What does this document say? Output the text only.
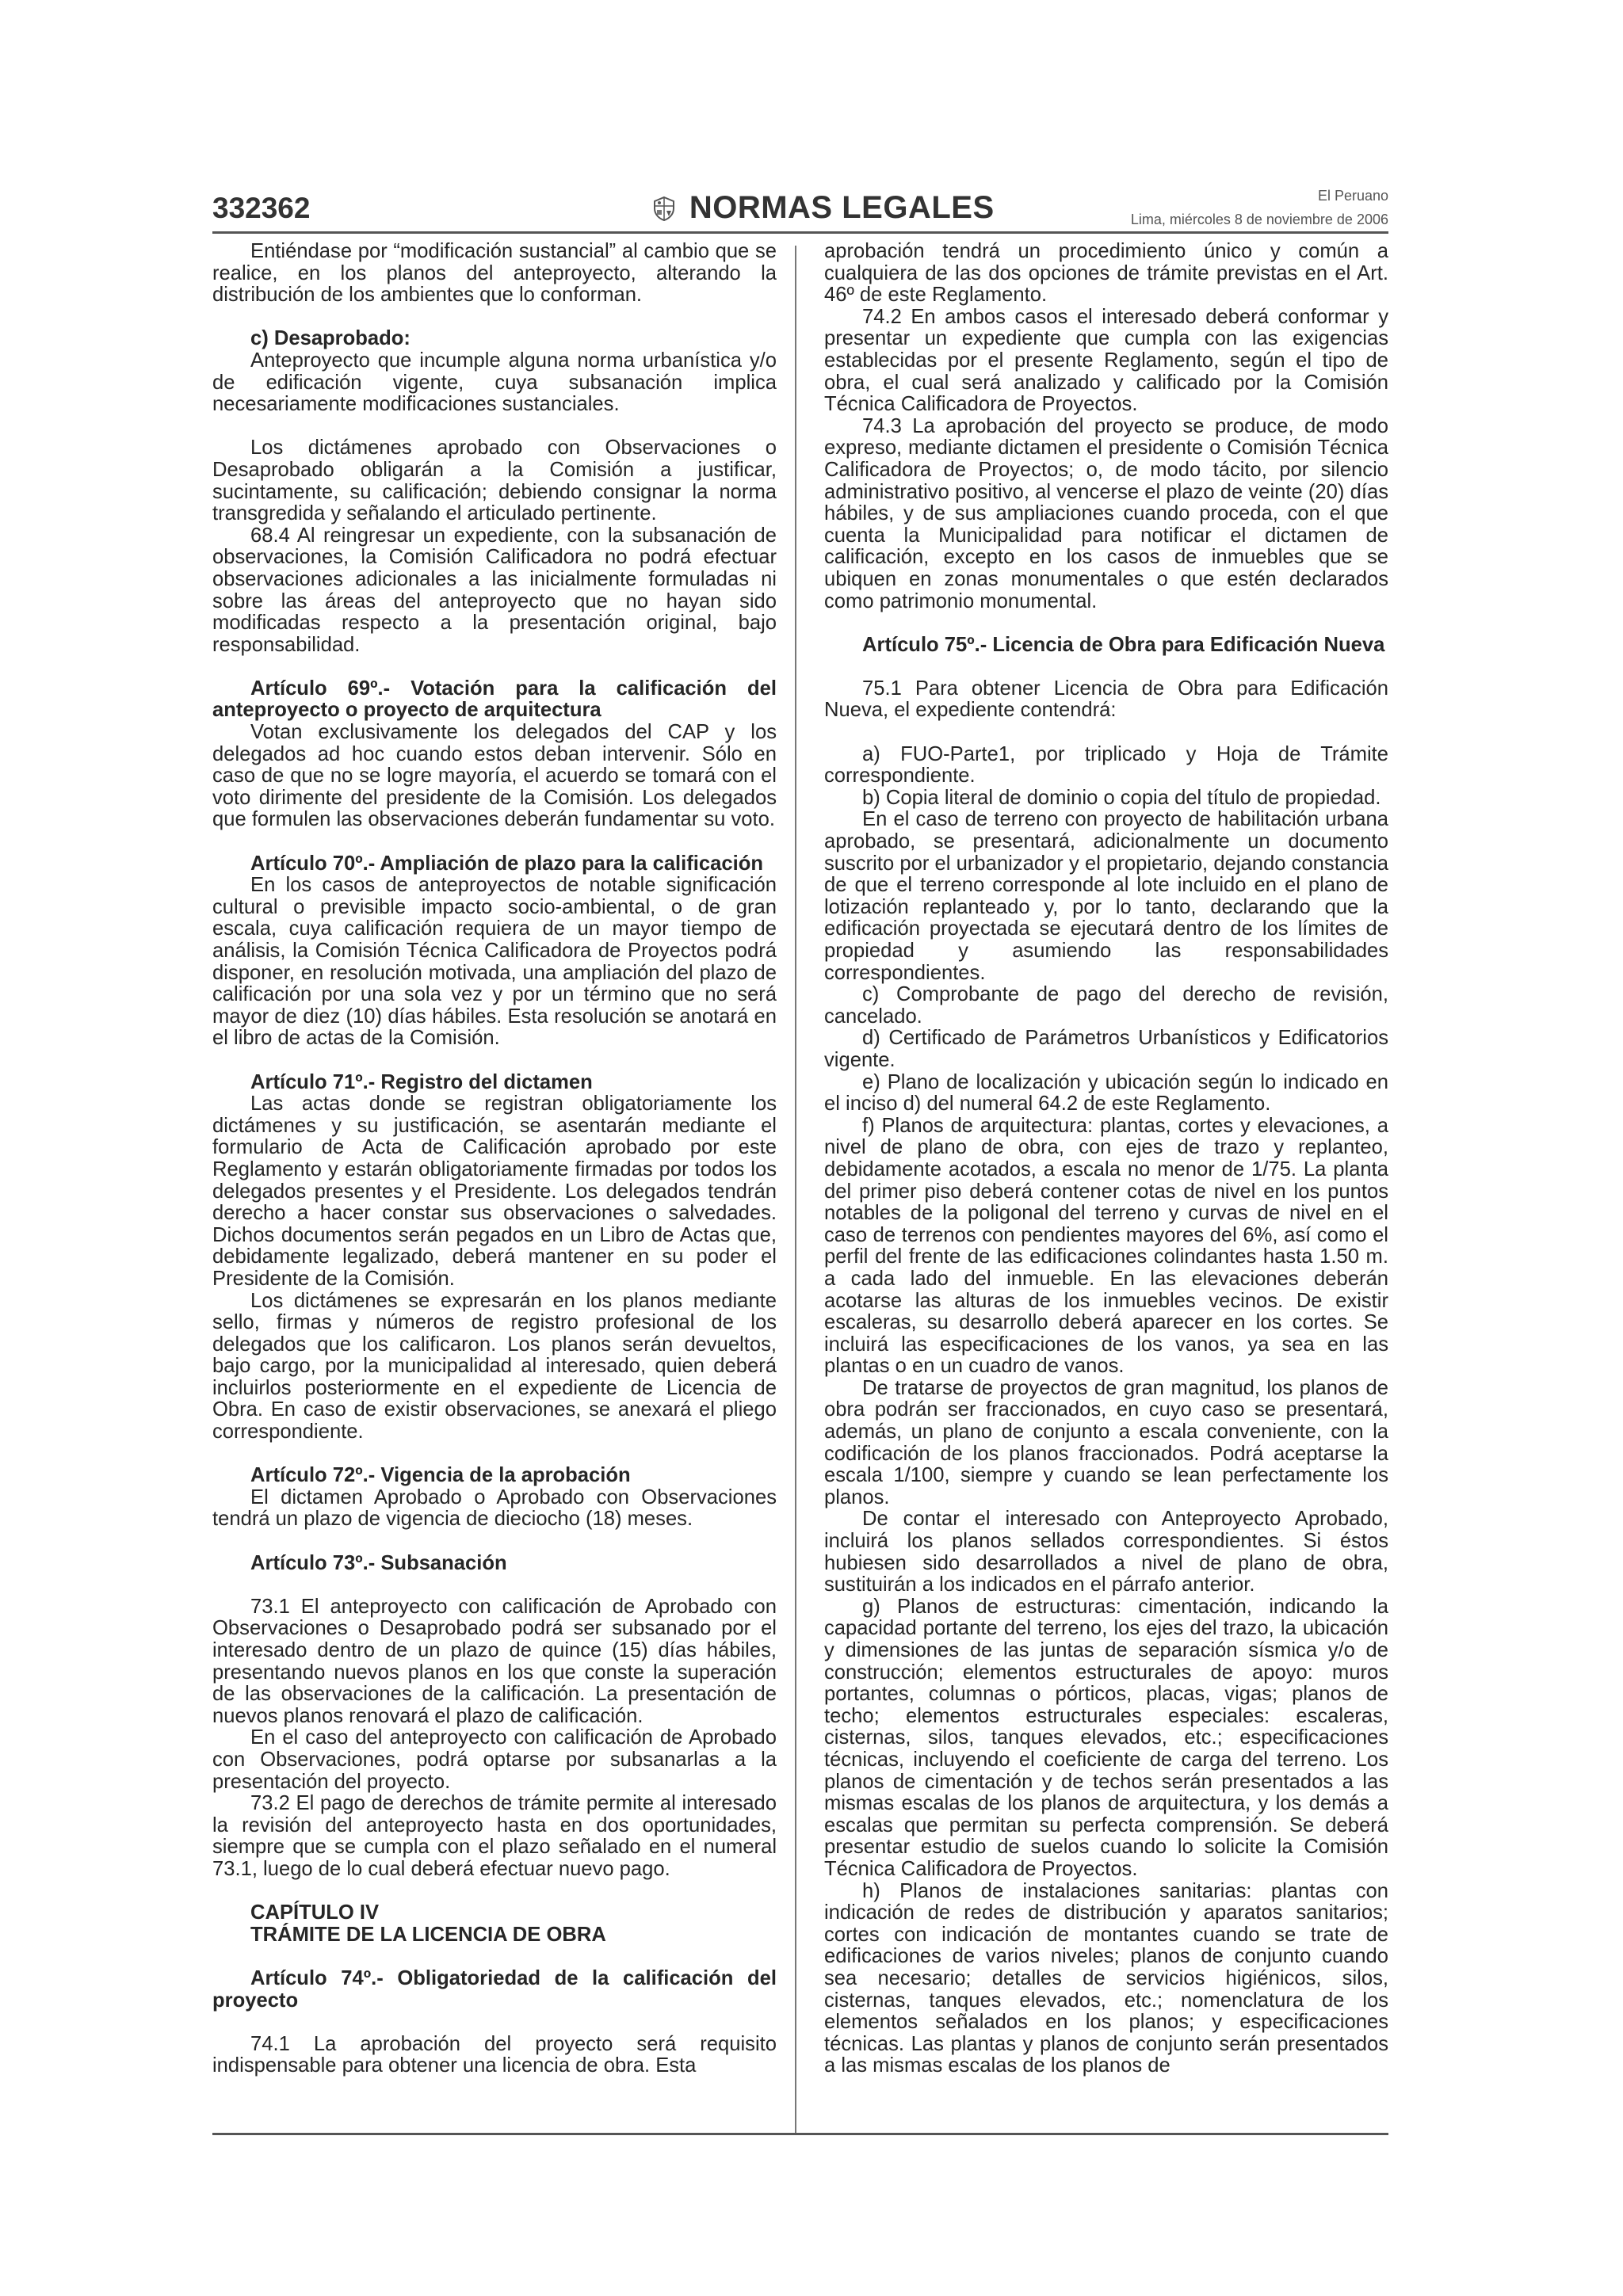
332362	NORMAS LEGALES	El Peruano
Lima, miércoles 8 de noviembre de 2006

Entiéndase por “modificación sustancial” al cambio que se realice, en los planos del anteproyecto, alterando la distribución de los ambientes que lo conforman.

c) Desaprobado:

Anteproyecto que incumple alguna norma urbanística y/o de edificación vigente, cuya subsanación implica necesariamente modificaciones sustanciales.

Los dictámenes aprobado con Observaciones o Desaprobado obligarán a la Comisión a justificar, sucintamente, su calificación; debiendo consignar la norma transgredida y señalando el articulado pertinente.

68.4 Al reingresar un expediente, con la subsanación de observaciones, la Comisión Calificadora no podrá efectuar observaciones adicionales a las inicialmente formuladas ni sobre las áreas del anteproyecto que no hayan sido modificadas respecto a la presentación original, bajo responsabilidad.

Artículo 69º.- Votación para la calificación del anteproyecto o proyecto de arquitectura

Votan exclusivamente los delegados del CAP y los delegados ad hoc cuando estos deban intervenir. Sólo en caso de que no se logre mayoría, el acuerdo se tomará con el voto dirimente del presidente de la Comisión. Los delegados que formulen las observaciones deberán fundamentar su voto.

Artículo 70º.- Ampliación de plazo para la calificación

En los casos de anteproyectos de notable significación cultural o previsible impacto socio-ambiental, o de gran escala, cuya calificación requiera de un mayor tiempo de análisis, la Comisión Técnica Calificadora de Proyectos podrá disponer, en resolución motivada, una ampliación del plazo de calificación por una sola vez y por un término que no será mayor de diez (10) días hábiles. Esta resolución se anotará en el libro de actas de la Comisión.

Artículo 71º.- Registro del dictamen

Las actas donde se registran obligatoriamente los dictámenes y su justificación, se asentarán mediante el formulario de Acta de Calificación aprobado por este Reglamento y estarán obligatoriamente firmadas por todos los delegados presentes y el Presidente. Los delegados tendrán derecho a hacer constar sus observaciones o salvedades. Dichos documentos serán pegados en un Libro de Actas que, debidamente legalizado, deberá mantener en su poder el Presidente de la Comisión.

Los dictámenes se expresarán en los planos mediante sello, firmas y números de registro profesional de los delegados que los calificaron. Los planos serán devueltos, bajo cargo, por la municipalidad al interesado, quien deberá incluirlos posteriormente en el expediente de Licencia de Obra. En caso de existir observaciones, se anexará el pliego correspondiente.

Artículo 72º.- Vigencia de la aprobación

El dictamen Aprobado o Aprobado con Observaciones tendrá un plazo de vigencia de dieciocho (18) meses.

Artículo 73º.- Subsanación

73.1 El anteproyecto con calificación de Aprobado con Observaciones o Desaprobado podrá ser subsanado por el interesado dentro de un plazo de quince (15) días hábiles, presentando nuevos planos en los que conste la superación de las observaciones de la calificación. La presentación de nuevos planos renovará el plazo de calificación.

En el caso del anteproyecto con calificación de Aprobado con Observaciones, podrá optarse por subsanarlas a la presentación del proyecto.

73.2 El pago de derechos de trámite permite al interesado la revisión del anteproyecto hasta en dos oportunidades, siempre que se cumpla con el plazo señalado en el numeral 73.1, luego de lo cual deberá efectuar nuevo pago.

CAPÍTULO IV

TRÁMITE DE LA LICENCIA DE OBRA

Artículo 74º.- Obligatoriedad de la calificación del proyecto

74.1 La aprobación del proyecto será requisito indispensable para obtener una licencia de obra. Esta

aprobación tendrá un procedimiento único y común a cualquiera de las dos opciones de trámite previstas en el Art. 46º de este Reglamento.

74.2 En ambos casos el interesado deberá conformar y presentar un expediente que cumpla con las exigencias establecidas por el presente Reglamento, según el tipo de obra, el cual será analizado y calificado por la Comisión Técnica Calificadora de Proyectos.

74.3 La aprobación del proyecto se produce, de modo expreso, mediante dictamen el presidente o Comisión Técnica Calificadora de Proyectos; o, de modo tácito, por silencio administrativo positivo, al vencerse el plazo de veinte (20) días hábiles, y de sus ampliaciones cuando proceda, con el que cuenta la Municipalidad para notificar el dictamen de calificación, excepto en los casos de inmuebles que se ubiquen en zonas monumentales o que estén declarados como patrimonio monumental.

Artículo 75º.- Licencia de Obra para Edificación Nueva

75.1 Para obtener Licencia de Obra para Edificación Nueva, el expediente contendrá:

a) FUO-Parte1, por triplicado y Hoja de Trámite correspondiente.

b) Copia literal de dominio o copia del título de propiedad.

En el caso de terreno con proyecto de habilitación urbana aprobado, se presentará, adicionalmente un documento suscrito por el urbanizador y el propietario, dejando constancia de que el terreno corresponde al lote incluido en el plano de lotización replanteado y, por lo tanto, declarando que la edificación proyectada se ejecutará dentro de los límites de propiedad y asumiendo las responsabilidades correspondientes.

c) Comprobante de pago del derecho de revisión, cancelado.

d) Certificado de Parámetros Urbanísticos y Edificatorios vigente.

e) Plano de localización y ubicación según lo indicado en el inciso d) del numeral 64.2 de este Reglamento.

f) Planos de arquitectura: plantas, cortes y elevaciones, a nivel de plano de obra, con ejes de trazo y replanteo, debidamente acotados, a escala no menor de 1/75. La planta del primer piso deberá contener cotas de nivel en los puntos notables de la poligonal del terreno y curvas de nivel en el caso de terrenos con pendientes mayores del 6%, así como el perfil del frente de las edificaciones colindantes hasta 1.50 m. a cada lado del inmueble. En las elevaciones deberán acotarse las alturas de los inmuebles vecinos. De existir escaleras, su desarrollo deberá aparecer en los cortes. Se incluirá las especificaciones de los vanos, ya sea en las plantas o en un cuadro de vanos.

De tratarse de proyectos de gran magnitud, los planos de obra podrán ser fraccionados, en cuyo caso se presentará, además, un plano de conjunto a escala conveniente, con la codificación de los planos fraccionados. Podrá aceptarse la escala 1/100, siempre y cuando se lean perfectamente los planos.

De contar el interesado con Anteproyecto Aprobado, incluirá los planos sellados correspondientes. Si éstos hubiesen sido desarrollados a nivel de plano de obra, sustituirán a los indicados en el párrafo anterior.

g) Planos de estructuras: cimentación, indicando la capacidad portante del terreno, los ejes del trazo, la ubicación y dimensiones de las juntas de separación sísmica y/o de construcción; elementos estructurales de apoyo: muros portantes, columnas o pórticos, placas, vigas; planos de techo; elementos estructurales especiales: escaleras, cisternas, silos, tanques elevados, etc.; especificaciones técnicas, incluyendo el coeficiente de carga del terreno. Los planos de cimentación y de techos serán presentados a las mismas escalas de los planos de arquitectura, y los demás a escalas que permitan su perfecta comprensión. Se deberá presentar estudio de suelos cuando lo solicite la Comisión Técnica Calificadora de Proyectos.

h) Planos de instalaciones sanitarias: plantas con indicación de redes de distribución y aparatos sanitarios; cortes con indicación de montantes cuando se trate de edificaciones de varios niveles; planos de conjunto cuando sea necesario; detalles de servicios higiénicos, silos, cisternas, tanques elevados, etc.; nomenclatura de los elementos señalados en los planos; y especificaciones técnicas. Las plantas y planos de conjunto serán presentados a las mismas escalas de los planos de
